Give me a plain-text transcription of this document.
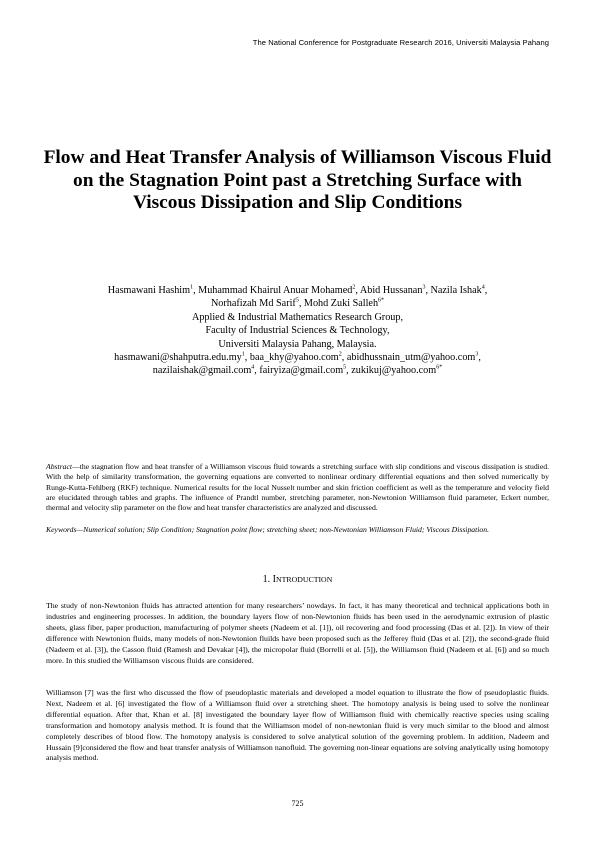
The National Conference for Postgraduate Research 2016, Universiti Malaysia Pahang
Flow and Heat Transfer Analysis of Williamson Viscous Fluid on the Stagnation Point past a Stretching Surface with Viscous Dissipation and Slip Conditions
Hasmawani Hashim$^1$, Muhammad Khairul Anuar Mohamed$^2$, Abid Hussanan$^3$, Nazila Ishak$^4$,
Norhafizah Md Sarif$^5$, Mohd Zuki Salleh$^{6*}$
Applied & Industrial Mathematics Research Group,
Faculty of Industrial Sciences & Technology,
Universiti Malaysia Pahang, Malaysia.
$hasmawani@shahputra.edu.my^1$, baa_khy@yahoo.com$^2$, abidhussnain_utm@yahoo.com$^3$,
nazilaishak@gmail.com$^4$, fairyiza@gmail.com$^5$, zukikuj@yahoo.com$^{6*}$
Abstract—the stagnation flow and heat transfer of a Williamson viscous fluid towards a stretching surface with slip conditions and viscous dissipation is studied. With the help of similarity transformation, the governing equations are converted to nonlinear ordinary differential equations and then solved numerically by Runge-Kutta-Fehlberg (RKF) technique. Numerical results for the local Nusselt number and skin friction coefficient as well as the temperature and velocity field are elucidated through tables and graphs. The influence of Prandtl number, stretching parameter, non-Newtonion Williamson fluid parameter, Eckert number, thermal and velocity slip parameter on the flow and heat transfer characteristics are analyzed and discussed.
Keywords—Numerical solution; Slip Condition; Stagnation point flow; stretching sheet; non-Newtonian Williamson Fluid; Viscous Dissipation.
1. INTRODUCTION
The study of non-Newtonion fluids has attracted attention for many researchers’ nowdays. In fact, it has many theoretical and technical applications both in industries and engineering processes. In addition, the boundary layers flow of non-Newtonion fluids has been used in the aerodynamic extrusion of plastic sheets, glass fiber, paper production, manufacturing of polymer sheets (Nadeem et al. [1]), oil recovering and food processing (Das et al. [2]). In view of their difference with Newtonion fluids, many models of non-Newtonion fluilds have been proposed such as the Jefferey fluid (Das et al. [2]), the second-grade fluid (Nadeem et al. [3]), the Casson fluid (Ramesh and Devakar [4]), the micropolar fluid (Borrelli et al. [5]), the Williamson fluid (Nadeem et al. [6]) and so much more. In this studied the Williamson viscous fluids are considered.
Williamson [7] was the first who discussed the flow of pseudoplastic materials and developed a model equation to illustrate the flow of pseudoplastic fluids. Next, Nadeem et al. [6] investigated the flow of a Williamson fluid over a stretching sheet. The homotopy analysis is being used to solve the nonlinear differential equation. After that, Khan et al. [8] investigated the boundary layer flow of Williamson fluid with chemically reactive species using scaling transformation and homotopy analysis method. It is found that the Williamson model of non-newtonian fluid is very much similar to the blood and almost completely describes of blood flow. The homotopy analysis is considered to solve analytical solution of the governing problem. In addition, Nadeem and Hussain [9]considered the flow and heat transfer analysis of Williamson nanofluid. The governing non-linear equations are solving analytically using homotopy analysis method.
725
